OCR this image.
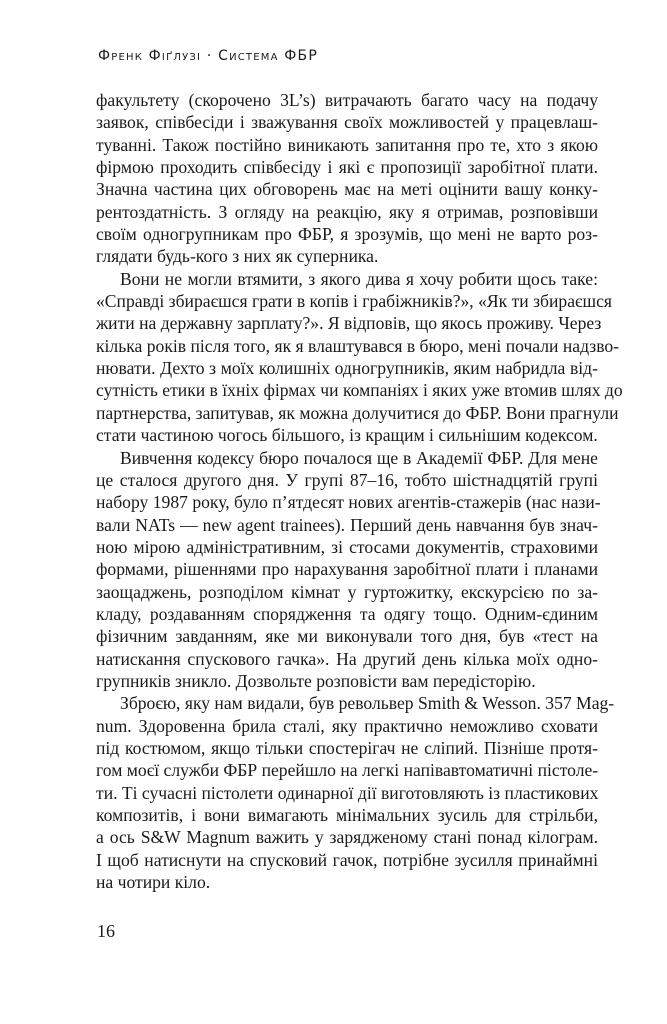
Френк Фіґлузі · Система ФБР

факультету (скорочено 3L’s) витрачають багато часу на подачу
заявок, співбесіди і зважування своїх можливостей у працевлаш-
туванні. Також постійно виникають запитання про те, хто з якою
фірмою проходить співбесіду і які є пропозиції заробітної плати.
Значна частина цих обговорень має на меті оцінити вашу конку-
рентоздатність. З огляду на реакцію, яку я отримав, розповівши
своїм одногрупникам про ФБР, я зрозумів, що мені не варто роз-
глядати будь-кого з них як суперника.

Вони не могли втямити, з якого дива я хочу робити щось таке:
«Справді збираєшся грати в копів і грабіжників?», «Як ти збираєшся
жити на державну зарплату?». Я відповів, що якось проживу. Через
кілька років після того, як я влаштувався в бюро, мені почали надзво-
нювати. Дехто з моїх колишніх одногрупників, яким набридла від-
сутність етики в їхніх фірмах чи компаніях і яких уже втомив шлях до
партнерства, запитував, як можна долучитися до ФБР. Вони прагнули
стати частиною чогось більшого, із кращим і сильнішим кодексом.

Вивчення кодексу бюро почалося ще в Академії ФБР. Для мене
це сталося другого дня. У групі 87–16, тобто шістнадцятій групі
набору 1987 року, було п’ятдесят нових агентів-стажерів (нас нази-
вали NATs — new agent trainees). Перший день навчання був знач-
ною мірою адміністративним, зі стосами документів, страховими
формами, рішеннями про нарахування заробітної плати і планами
заощаджень, розподілом кімнат у гуртожитку, екскурсією по за-
кладу, роздаванням спорядження та одягу тощо. Одним-єдиним
фізичним завданням, яке ми виконували того дня, був «тест на
натискання спускового гачка». На другий день кілька моїх одно-
групників зникло. Дозвольте розповісти вам передісторію.

Зброєю, яку нам видали, був револьвер Smith & Wesson. 357 Mag-
num. Здоровенна брила сталі, яку практично неможливо сховати
під костюмом, якщо тільки спостерігач не сліпий. Пізніше протя-
гом моєї служби ФБР перейшло на легкі напівавтоматичні пістоле-
ти. Ті сучасні пістолети одинарної дії виготовляють із пластикових
композитів, і вони вимагають мінімальних зусиль для стрільби,
а ось S&W Magnum важить у зарядженому стані понад кілограм.
І щоб натиснути на спусковий гачок, потрібне зусилля принаймні
на чотири кіло.

16
